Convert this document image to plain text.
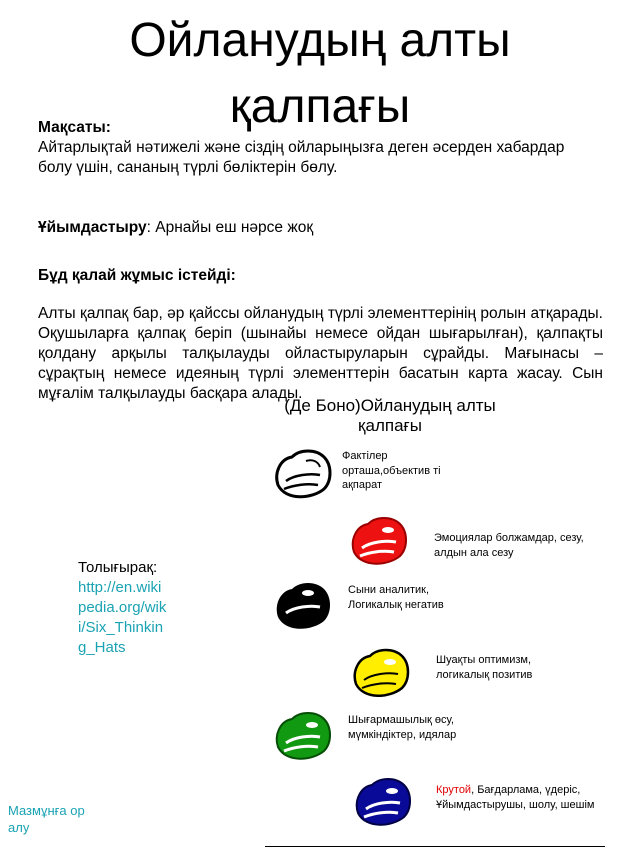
Ойланудың алты қалпағы
Мақсаты:
Айтарлықтай нәтижелі және сіздің ойларыңызға деген әсерден хабардар болу үшін, сананың түрлі бөліктерін бөлу.
Ұйымдастыру: Арнайы еш нәрсе жоқ
Бұд қалай жұмыс істейді:
Алты қалпақ бар, әр қайссы ойланудың түрлі элементтерінің ролын атқарады. Оқушыларға қалпақ беріп (шынайы немесе ойдан шығарылған), қалпақты қолдану арқылы талқылауды ойластыруларын сұрайды. Мағынасы – сұрақтың немесе идеяның түрлі элементтерін басатын карта жасау. Сын мұғалім талқылауды басқара алады.
(Де Боно)Ойланудың алты қалпағы
Фактілер орташа,объектив ті ақпарат
Эмоциялар болжамдар, сезу, алдын ала сезу
Сыни аналитик, Логикалық негатив
Шуақты оптимизм, логикалық позитив
Шығармашылық өсу, мүмкіндіктер, идялар
Крутой, Бағдарлама, үдеріс, Ұйымдастырушы, шолу, шешім
Толығырақ:
http://en.wikipedia.org/wiki/Six_Thinking_Hats
Мазмұнға оралу
